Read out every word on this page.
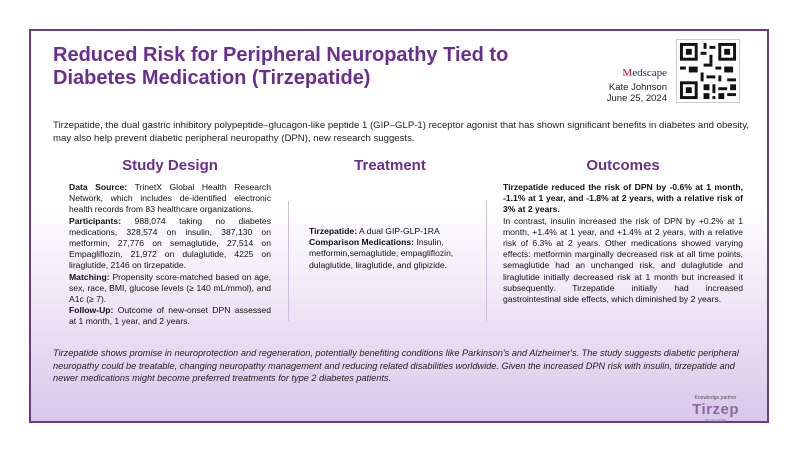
Reduced Risk for Peripheral Neuropathy Tied to
Diabetes Medication (Tirzepatide)	Medscape
Kate Johnson
June 25, 2024

Tirzepatide, the dual gastric inhibitory polypeptide–glucagon-like peptide 1 (GIP–GLP-1) receptor agonist that has shown significant benefits in diabetes and obesity, may also help prevent diabetic peripheral neuropathy (DPN), new research suggests.

Study Design

Data Source: TrinetX Global Health Research Network, which includes de-identified electronic health records from 83 healthcare organizations.

Participants: 988,074 taking no diabetes medications, 328,574 on insulin, 387,130 on metformin, 27,776 on semaglutide, 27,514 on Empagliflozin, 21,972 on dulaglutide, 4225 on liraglutide, 2146 on tirzepatide.

Matching: Propensity score-matched based on age, sex, race, BMI, glucose levels (≥ 140 mL/mmol), and A1c (≥ 7).

Follow-Up: Outcome of new-onset DPN assessed at 1 month, 1 year, and 2 years.

Treatment

Tirzepatide: A dual GIP-GLP-1RA

Comparison Medications: Insulin, metformin,semaglutide, empagliflozin, dulaglutide, liraglutide, and glipizide.

Outcomes

Tirzepatide reduced the risk of DPN by -0.6% at 1 month, -1.1% at 1 year, and -1.8% at 2 years, with a relative risk of 3% at 2 years.

In contrast, insulin increased the risk of DPN by +0.2% at 1 month, +1.4% at 1 year, and +1.4% at 2 years, with a relative risk of 6.3% at 2 years. Other medications showed varying effects: metformin marginally decreased risk at all time points, semaglutide had an unchanged risk, and dulaglutide and liraglutide initially decreased risk at 1 month but increased it subsequently. Tirzepatide initially had increased gastrointestinal side effects, which diminished by 2 years.

Tirzepatide shows promise in neuroprotection and regeneration, potentially benefiting conditions like Parkinson's and Alzheimer's. The study suggests diabetic peripheral neuropathy could be treatable, changing neuropathy management and reducing related disabilities worldwide. Given the increased DPN risk with insulin, tirzepatide and newer medications might become preferred treatments for type 2 diabetes patients.

Knowledge partner
Tirzep
Tirzepatide
